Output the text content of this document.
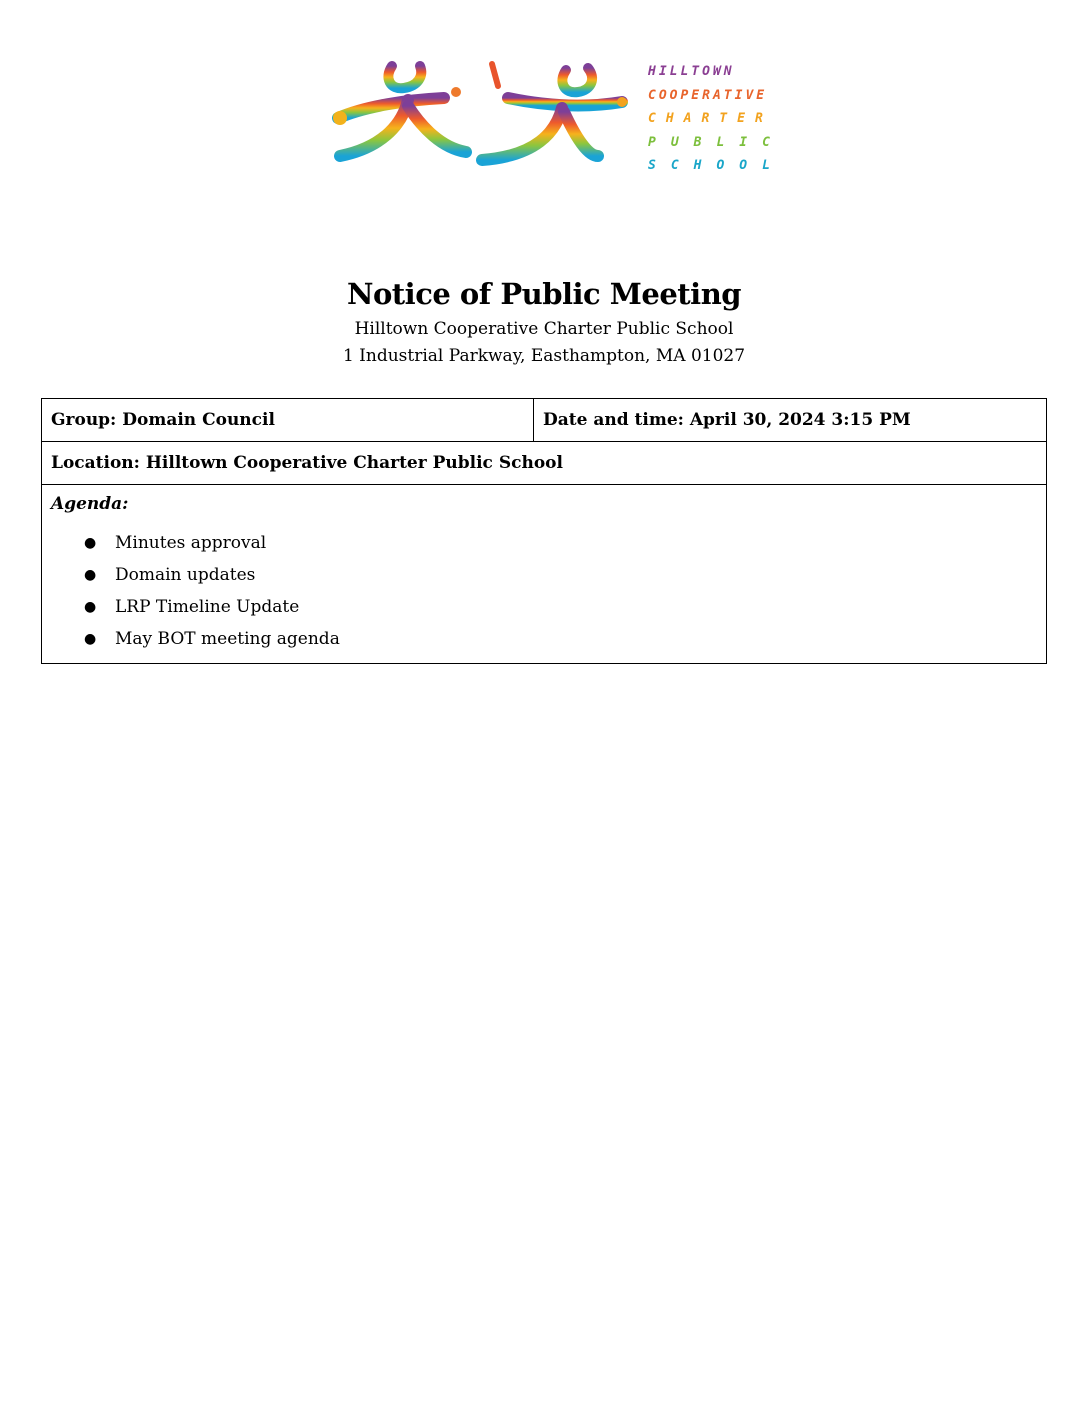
HILLTOWN
COOPERATIVE
CHARTER
PUBLIC
SCHOOL
Notice of Public Meeting
Hilltown Cooperative Charter Public School
1 Industrial Parkway, Easthampton, MA 01027
Group: Domain Council	Date and time: April 30, 2024 3:15 PM
Location: Hilltown Cooperative Charter Public School

Agenda:
● Minutes approval
● Domain updates
● LRP Timeline Update
● May BOT meeting agenda
